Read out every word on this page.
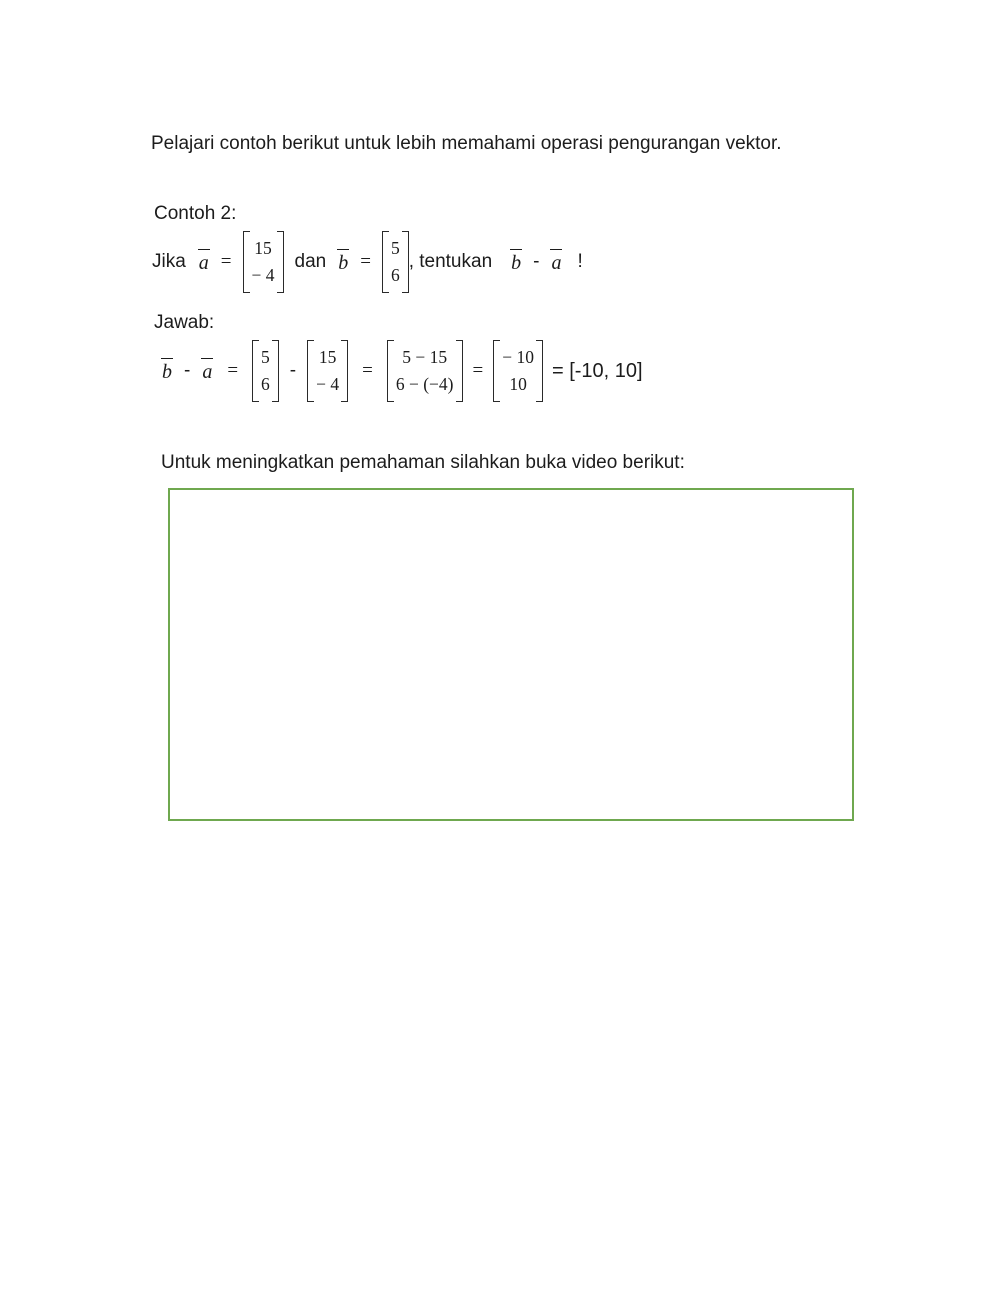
Pelajari contoh berikut untuk lebih memahami operasi pengurangan vektor.

Contoh 2:

Jika a =
15
− 4
dan b =
5
6
, tentukan b - a !

Jawab:

b - a =
5
6
-
15
− 4
=
5 − 15
6 − (−4)
=
− 10
10
= [-10, 10]

Untuk meningkatkan pemahaman silahkan buka video berikut:
